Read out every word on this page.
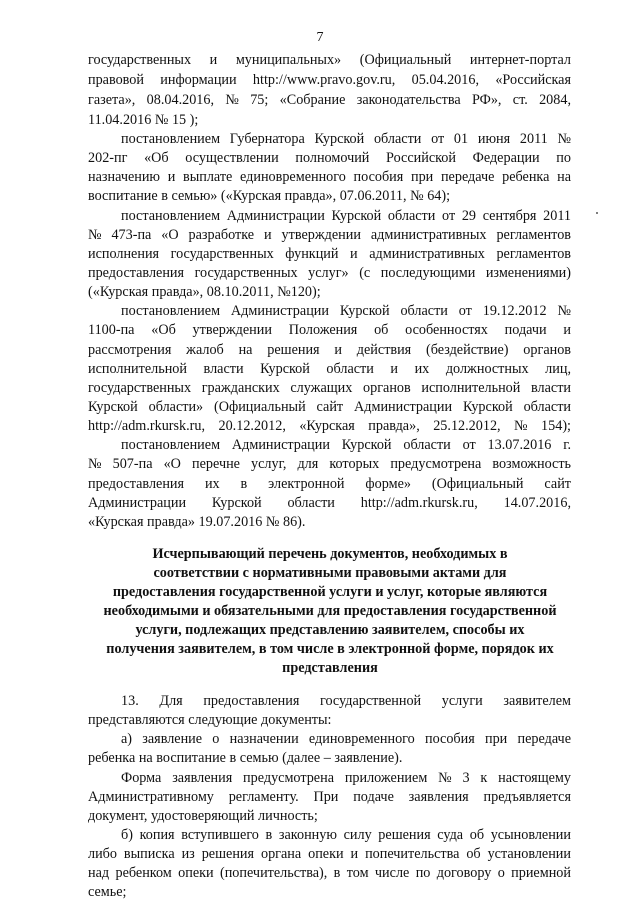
7
государственных и муниципальных» (Официальный интернет-портал
правовой информации http://www.pravo.gov.ru, 05.04.2016, «Российская
газета», 08.04.2016, № 75; «Собрание законодательства РФ», ст. 2084,
11.04.2016 № 15 );
постановлением Губернатора Курской области от 01 июня 2011 №
202-пг «Об осуществлении полномочий Российской Федерации по
назначению и выплате единовременного пособия при передаче ребенка на
воспитание в семью» («Курская правда», 07.06.2011, № 64);
постановлением Администрации Курской области от 29 сентября 2011
№ 473-па «О разработке и утверждении административных регламентов
исполнения государственных функций и административных регламентов
предоставления государственных услуг» (с последующими изменениями)
(«Курская правда», 08.10.2011, №120);
постановлением Администрации Курской области от 19.12.2012 №
1100-па «Об утверждении Положения об особенностях подачи и
рассмотрения жалоб на решения и действия (бездействие) органов
исполнительной власти Курской области и их должностных лиц,
государственных гражданских служащих органов исполнительной власти
Курской области» (Официальный сайт Администрации Курской области
http://adm.rkursk.ru, 20.12.2012, «Курская правда», 25.12.2012, № 154);
постановлением Администрации Курской области от 13.07.2016 г.
№ 507-па «О перечне услуг, для которых предусмотрена возможность
предоставления их в электронной форме» (Официальный сайт
Администрации Курской области http://adm.rkursk.ru, 14.07.2016,
«Курская правда» 19.07.2016 № 86).
Исчерпывающий перечень документов, необходимых в
соответствии с нормативными правовыми актами для
предоставления государственной услуги и услуг, которые являются
необходимыми и обязательными для предоставления государственной
услуги, подлежащих представлению заявителем, способы их
получения заявителем, в том числе в электронной форме, порядок их
представления
13. Для предоставления государственной услуги заявителем
представляются следующие документы:
а) заявление о назначении единовременного пособия при передаче
ребенка на воспитание в семью (далее – заявление).
Форма заявления предусмотрена приложением № 3 к настоящему
Административному регламенту. При подаче заявления предъявляется
документ, удостоверяющий личность;
б) копия вступившего в законную силу решения суда об усыновлении
либо выписка из решения органа опеки и попечительства об установлении
над ребенком опеки (попечительства), в том числе по договору о приемной
семье;
